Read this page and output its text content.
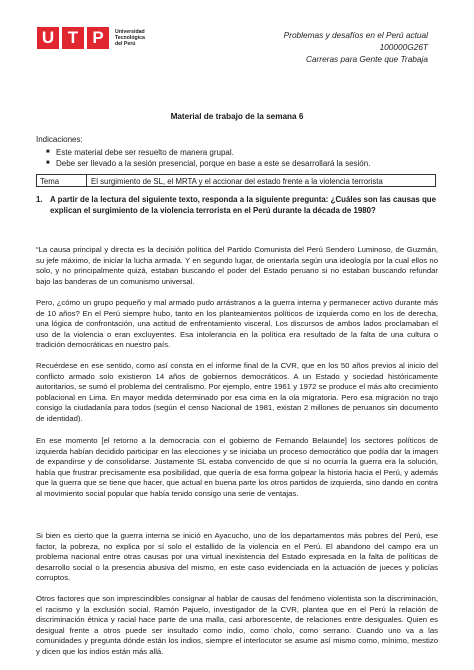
U T P	Universidad
Tecnológica
del Perú
Problemas y desafíos en el Perú actual
100000G26T
Carreras para Gente que Trabaja
Material de trabajo de la semana 6
Indicaciones:
■ Este material debe ser resuelto de manera grupal.
■ Debe ser llevado a la sesión presencial, porque en base a este se desarrollará la sesión.
Tema	El surgimiento de SL, el MRTA y el accionar del estado frente a la violencia terrorista
1. A partir de la lectura del siguiente texto, responda a la siguiente pregunta: ¿Cuáles son las causas que explican el surgimiento de la violencia terrorista en el Perú durante la década de 1980?
“La causa principal y directa es la decisión política del Partido Comunista del Perú Sendero Luminoso, de Guzmán, su jefe máximo, de iniciar la lucha armada. Y en segundo lugar, de orientarla según una ideología por la cual ellos no solo, y no principalmente quizá, estaban buscando el poder del Estado peruano si no estaban buscando refundar bajo las banderas de un comunismo universal.
Pero, ¿cómo un grupo pequeño y mal armado pudo arrástranos a la guerra interna y permanecer activo durante más de 10 años? En el Perú siempre hubo, tanto en los planteamientos políticos de izquierda como en los de derecha, una lógica de confrontación, una actitud de enfrentamiento visceral. Los discursos de ambos lados proclamaban el uso de la violencia o eran excluyentes. Esa intolerancia en la política era resultado de la falta de una cultura o tradición democráticas en nuestro país.
Recuérdese en ese sentido, como así consta en el informe final de la CVR, que en los 50 años previos al inicio del conflicto armado solo existieron 14 años de gobiernos democráticos. A un Estado y sociedad históricamente autoritarios, se sumó el problema del centralismo. Por ejemplo, entre 1961 y 1972 se produce el más alto crecimiento poblacional en Lima. En mayor medida determinado por esa cima en la ola migratoria. Pero esa migración no trajo consigo la ciudadanía para todos (según el censo Nacional de 1981, existan 2 millones de peruanos sin documento de identidad).
En ese momento [el retorno a la democracia con el gobierno de Fernando Belaunde] los sectores políticos de izquierda habían decidido participar en las elecciones y se iniciaba un proceso democrático que podía dar la imagen de expandirse y de consolidarse. Justamente SL estaba convencido de que si no ocurría la guerra era la solución, había que frustrar precisamente esa posibilidad, que quería de esa forma golpear la historia hacia el Perú, y además que la guerra que se tiene que hacer, que actual en buena parte los otros partidos de izquierda, sino dando en contra al movimiento social popular que había tenido consigo una serie de ventajas.
Si bien es cierto que la guerra interna se inició en Ayacucho, uno de los departamentos más pobres del Perú, ese factor, la pobreza, no explica por sí solo el estallido de la violencia en el Perú. El abandono del campo era un problema nacional entre otras causas por una virtual inexistencia del Estado expresada en la falta de políticas de desarrollo social o la presencia abusiva del mismo, en este caso evidenciada en la actuación de jueces y policías corruptos.
Otros factores que son imprescindibles consignar al hablar de causas del fenómeno violentista son la discriminación, el racismo y la exclusión social. Ramón Pajuelo, investigador de la CVR, plantea que en el Perú la relación de discriminación étnica y racial hace parte de una malla, casi arborescente, de relaciones entre desiguales. Quien es desigual frente a otros puede ser insultado como indio, como cholo, como serrano. Cuando uno va a las comunidades y pregunta dónde están los indios, siempre el interlocutor se asume así mismo como, mínimo, mestizo y dicen que los indios están más allá.
